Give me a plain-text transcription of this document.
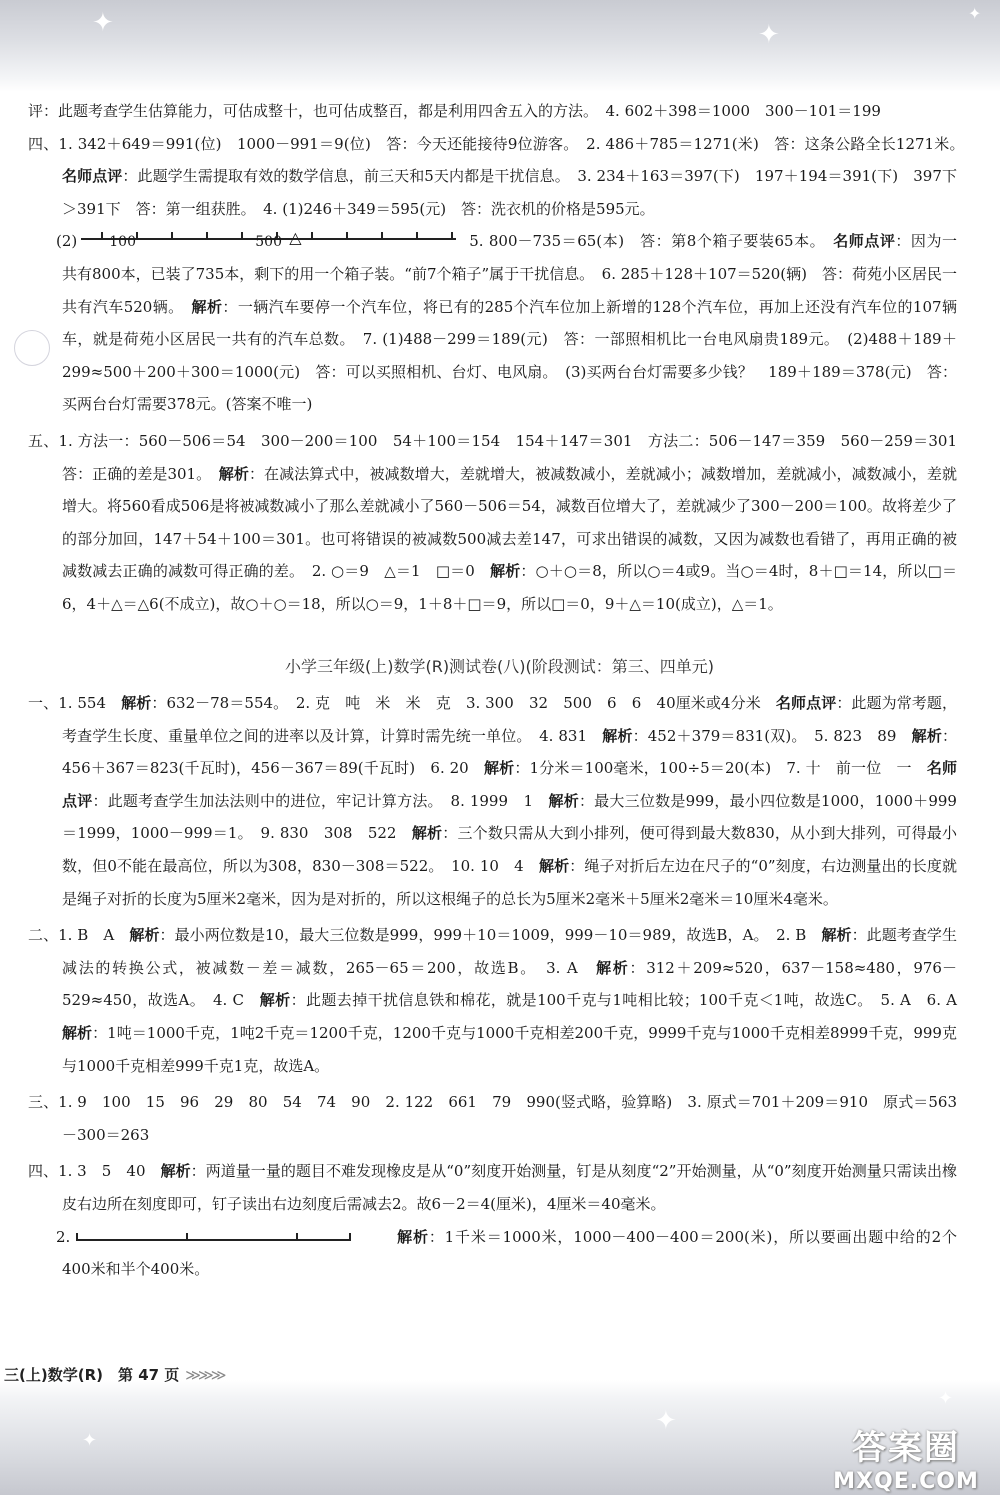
✦	✦
✦
✦
✦
✦

评：此题考查学生估算能力，可估成整十，也可估成整百，都是利用四舍五入的方法。　4. 602＋398＝1000　300－101＝199

四、1. 342＋649＝991(位)　1000－991＝9(位)　答：今天还能接待9位游客。　2. 486＋785＝1271(米)　答：这条公路全长1271米。　名师点评：此题学生需提取有效的数学信息，前三天和5天内都是干扰信息。　3. 234＋163＝397(下)　197＋194＝391(下)　397下＞391下　答：第一组获胜。　4. (1)246＋349＝595(元)　答：洗衣机的价格是595元。

(2) 100	500 △	5. 800－735＝65(本)　答：第8个箱子要装65本。　名师点评：因为一共有800本，已装了735本，剩下的用一个箱子装。“前7个箱子”属于干扰信息。　6. 285＋128＋107＝520(辆)　答：荷苑小区居民一共有汽车520辆。　解析：一辆汽车要停一个汽车位，将已有的285个汽车位加上新增的128个汽车位，再加上还没有汽车位的107辆车，就是荷苑小区居民一共有的汽车总数。　7. (1)488－299＝189(元)　答：一部照相机比一台电风扇贵189元。　(2)488＋189＋299≈500＋200＋300＝1000(元)　答：可以买照相机、台灯、电风扇。　(3)买两台台灯需要多少钱？　189＋189＝378(元)　答：买两台台灯需要378元。(答案不唯一)

五、1. 方法一：560－506＝54　300－200＝100　54＋100＝154　154＋147＝301　方法二：506－147＝359　560－259＝301　答：正确的差是301。　解析：在减法算式中，被减数增大，差就增大，被减数减小，差就减小；减数增加，差就减小，减数减小，差就增大。将560看成506是将被减数减小了那么差就减小了560－506＝54，减数百位增大了，差就减少了300－200＝100。故将差少了的部分加回，147＋54＋100＝301。也可将错误的被减数500减去差147，可求出错误的减数，又因为减数也看错了，再用正确的被减数减去正确的减数可得正确的差。　2. ○＝9　△＝1　□＝0　解析：○＋○＝8，所以○＝4或9。当○＝4时，8＋□＝14，所以□＝6，4＋△＝△6(不成立)，故○＋○＝18，所以○＝9，1＋8＋□＝9，所以□＝0，9＋△＝10(成立)，△＝1。

小学三年级(上)数学(R)测试卷(八)(阶段测试：第三、四单元)

一、1. 554　解析：632－78＝554。　2. 克　吨　米　米　克　3. 300　32　500　6　6　40厘米或4分米　名师点评：此题为常考题，考查学生长度、重量单位之间的进率以及计算，计算时需先统一单位。　4. 831　解析：452＋379＝831(双)。　5. 823　89　解析：456＋367＝823(千瓦时)，456－367＝89(千瓦时)　6. 20　解析：1分米＝100毫米，100÷5＝20(本)　7. 十　前一位　一　名师点评：此题考查学生加法法则中的进位，牢记计算方法。　8. 1999　1　解析：最大三位数是999，最小四位数是1000，1000＋999＝1999，1000－999＝1。　9. 830　308　522　解析：三个数只需从大到小排列，便可得到最大数830，从小到大排列，可得最小数，但0不能在最高位，所以为308，830－308＝522。　10. 10　4　解析：绳子对折后左边在尺子的“0”刻度，右边测量出的长度就是绳子对折的长度为5厘米2毫米，因为是对折的，所以这根绳子的总长为5厘米2毫米＋5厘米2毫米＝10厘米4毫米。

二、1. B　A　解析：最小两位数是10，最大三位数是999，999＋10＝1009，999－10＝989，故选B，A。　2. B　解析：此题考查学生减法的转换公式，被减数－差＝减数，265－65＝200，故选B。　3. A　解析：312＋209≈520，637－158≈480，976－529≈450，故选A。　4. C　解析：此题去掉干扰信息铁和棉花，就是100千克与1吨相比较；100千克＜1吨，故选C。　5. A　6. A　解析：1吨＝1000千克，1吨2千克＝1200千克，1200千克与1000千克相差200千克，9999千克与1000千克相差8999千克，999克与1000千克相差999千克1克，故选A。

三、1. 9　100　15　96　29　80　54　74　90　2. 122　661　79　990(竖式略，验算略)　3. 原式＝701＋209＝910　原式＝563－300＝263

四、1. 3　5　40　解析：两道量一量的题目不难发现橡皮是从“0”刻度开始测量，钉是从刻度“2”开始测量，从“0”刻度开始测量只需读出橡皮右边所在刻度即可，钉子读出右边刻度后需减去2。故6－2＝4(厘米)，4厘米＝40毫米。

2.	解析：1千米＝1000米，1000－400－400＝200(米)，所以要画出题中给的2个400米和半个400米。

三(上)数学(R)　第 47 页 ≫≫≫
答案圈
MXQE.COM
